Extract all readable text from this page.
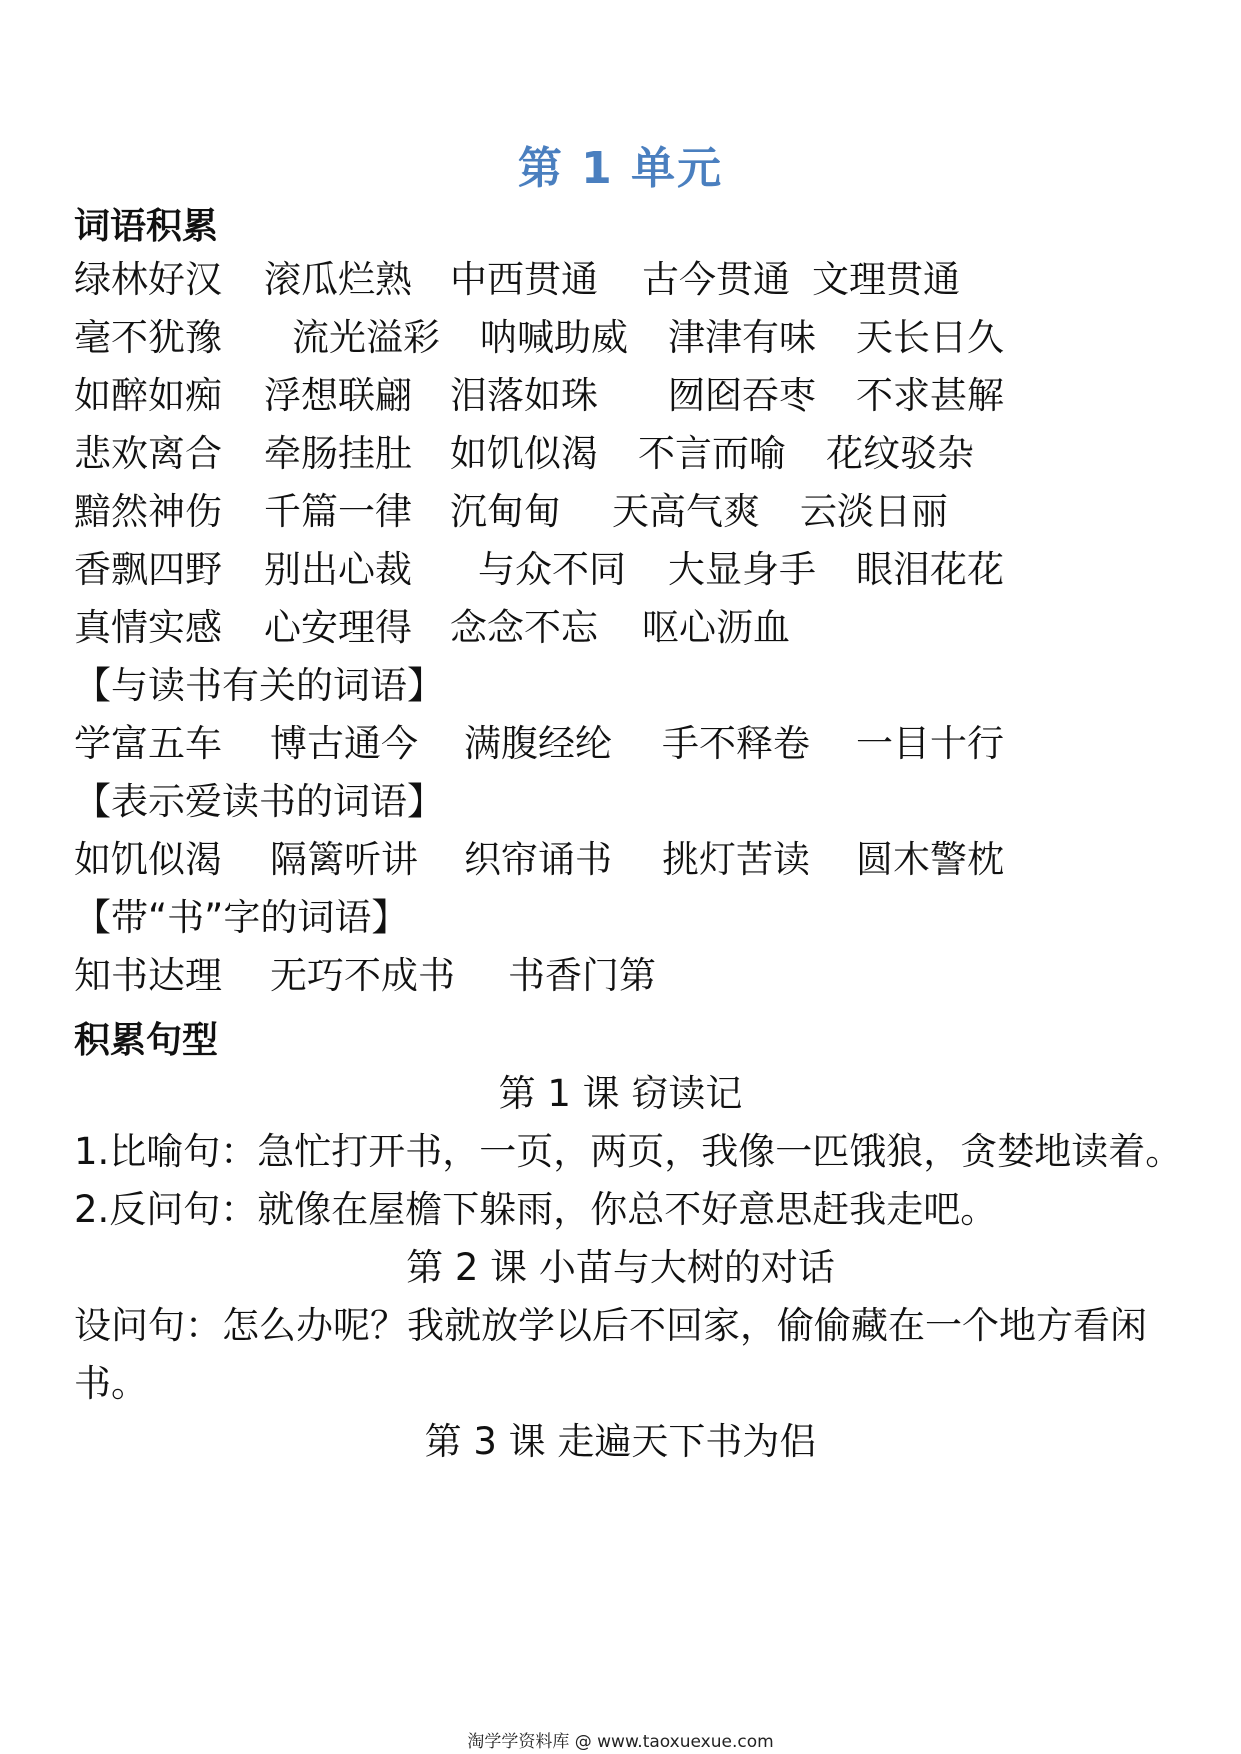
第 1 单元
词语积累
绿林好汉 滚瓜烂熟 中西贯通 古今贯通 文理贯通
毫不犹豫 流光溢彩 呐喊助威 津津有味 天长日久
如醉如痴 浮想联翩 泪落如珠 囫囵吞枣 不求甚解
悲欢离合 牵肠挂肚 如饥似渴 不言而喻 花纹驳杂
黯然神伤 千篇一律 沉甸甸 天高气爽 云淡日丽
香飘四野 别出心裁 与众不同 大显身手 眼泪花花
真情实感 心安理得 念念不忘 呕心沥血
【与读书有关的词语】
学富五车 博古通今 满腹经纶 手不释卷 一目十行
【表示爱读书的词语】
如饥似渴 隔篱听讲 织帘诵书 挑灯苦读 圆木警枕
【带“书”字的词语】
知书达理 无巧不成书 书香门第
积累句型
第 1 课 窃读记
1.比喻句：急忙打开书，一页，两页，我像一匹饿狼，贪婪地读着。
2.反问句：就像在屋檐下躲雨，你总不好意思赶我走吧。
第 2 课 小苗与大树的对话
设问句：怎么办呢？我就放学以后不回家，偷偷藏在一个地方看闲
书。
第 3 课 走遍天下书为侣
淘学学资料库 @ www.taoxuexue.com
